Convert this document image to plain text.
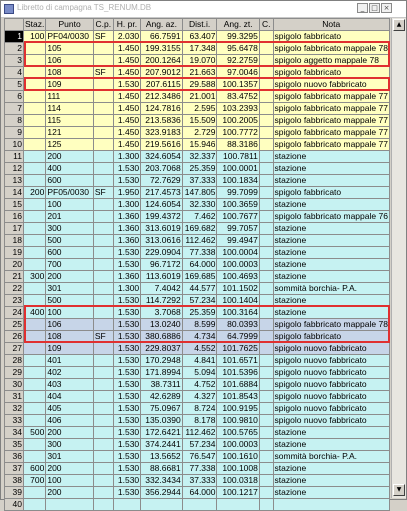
Libretto di campagna TS_RENUM.DB	_ □ ×
	Staz.	Punto	C.p.	H. pr.	Ang. az.	Dist.i.	Ang. zt.	C.	Nota
1	100	PF04/0030	SF	2.030	66.7591	63.407	99.3295		spigolo fabbricato
2		105		1.450	199.3155	17.348	95.6478		spigolo fabbricato mappale 78
3		106		1.450	200.1264	19.070	92.2759		spigolo aggetto mappale 78
4		108	SF	1.450	207.9012	21.663	97.0046		spigolo fabbricato
5		109		1.530	207.6115	29.588	100.1357		spigolo nuovo fabbricato
6		111		1.450	212.3486	21.001	83.4752		spigolo fabbricato mappale 77
7		114		1.450	124.7816	2.595	103.2393		spigolo fabbricato mappale 77
8		115		1.450	213.5836	15.509	100.2005		spigolo fabbricato mappale 77
9		121		1.450	323.9183	2.729	100.7772		spigolo fabbricato mappale 77
10		125		1.450	219.5616	15.946	88.3186		spigolo fabbricato mappale 77
11		200		1.300	324.6054	32.337	100.7811		stazione
12		400		1.530	203.7068	25.359	100.0001		stazione
13		600		1.530	72.7629	37.333	100.1834		stazione
14	200	PF05/0030	SF	1.950	217.4573	147.805	99.7099		spigolo fabbricato
15		100		1.300	124.6054	32.330	100.3659		stazione
16		201		1.360	199.4372	7.462	100.7677		spigolo fabbricato mappale 76
17		300		1.360	313.6019	169.682	99.7057		stazione
18		500		1.360	313.0616	112.462	99.4947		stazione
19		600		1.530	229.0904	77.338	100.0004		stazione
20		700		1.530	96.7172	64.000	100.0003		stazione
21	300	200		1.360	113.6019	169.685	100.4693		stazione
22		301		1.300	7.4042	44.577	101.1502		sommità borchia- P.A.
23		500		1.530	114.7292	57.234	100.1404		stazione
24	400	100		1.530	3.7068	25.359	100.3164		stazione
25		106		1.530	13.0240	8.599	80.0393		spigolo fabbricato mappale 78
26		108	SF	1.530	380.6886	4.734	64.7999		spigolo fabbricato
27		109		1.530	229.8037	4.552	101.7625		spigolo nuovo fabbricato
28		401		1.530	170.2948	4.841	101.6571		spigolo nuovo fabbricato
29		402		1.530	171.8994	5.094	101.5396		spigolo nuovo fabbricato
30		403		1.530	38.7311	4.752	101.6884		spigolo nuovo fabbricato
31		404		1.530	42.6289	4.327	101.8543		spigolo nuovo fabbricato
32		405		1.530	75.0967	8.724	100.9195		spigolo nuovo fabbricato
33		406		1.530	135.0390	8.178	100.9810		spigolo nuovo fabbricato
34	500	200		1.530	172.6421	112.462	100.5765		stazione
35		300		1.530	374.2441	57.234	100.0003		stazione
36		301		1.530	13.5652	76.547	100.1610		sommità borchia- P.A.
37	600	200		1.530	88.6681	77.338	100.1008		stazione
38	700	100		1.530	332.3434	37.333	100.0318		stazione
39		200		1.530	356.2944	64.000	100.1217		stazione
40									
▲
▼
